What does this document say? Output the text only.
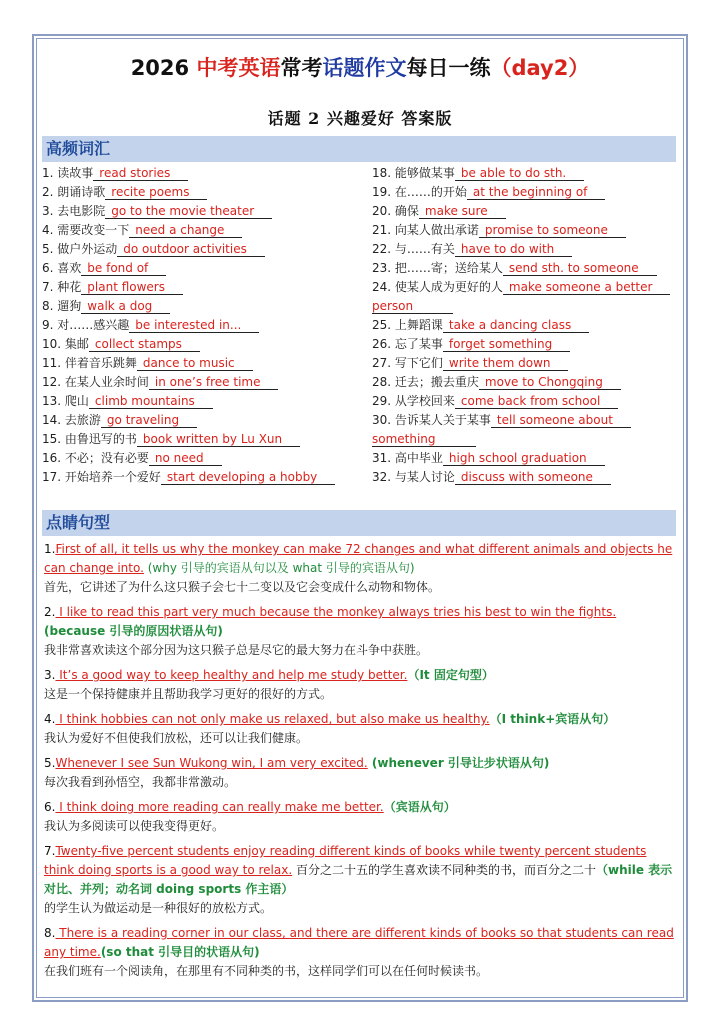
2026 中考英语常考话题作文每日一练（day2）
话题 2 兴趣爱好 答案版
高频词汇
1. 读故事 read stories
2. 朗诵诗歌 recite poems
3. 去电影院 go to the movie theater
4. 需要改变一下 need a change
5. 做户外运动 do outdoor activities
6. 喜欢 be fond of
7. 种花 plant flowers
8. 遛狗 walk a dog
9. 对……感兴趣 be interested in...
10. 集邮 collect stamps
11. 伴着音乐跳舞 dance to music
12. 在某人业余时间 in one’s free time
13. 爬山 climb mountains
14. 去旅游 go traveling
15. 由鲁迅写的书 book written by Lu Xun
16. 不必；没有必要 no need
17. 开始培养一个爱好 start developing a hobby
18. 能够做某事 be able to do sth.
19. 在……的开始 at the beginning of
20. 确保 make sure
21. 向某人做出承诺 promise to someone
22. 与……有关 have to do with
23. 把……寄；送给某人 send sth. to someone
24. 使某人成为更好的人 make someone a better
person
25. 上舞蹈课 take a dancing class
26. 忘了某事 forget something
27. 写下它们 write them down
28. 迁去；搬去重庆 move to Chongqing
29. 从学校回来 come back from school
30. 告诉某人关于某事 tell someone about
something
31. 高中毕业 high school graduation
32. 与某人讨论 discuss with someone
点睛句型
1.First of all, it tells us why the monkey can make 72 changes and what different animals and objects he can change into. (why 引导的宾语从句以及 what 引导的宾语从句)
首先，它讲述了为什么这只猴子会七十二变以及它会变成什么动物和物体。
2. I like to read this part very much because the monkey always tries his best to win the fights.(because 引导的原因状语从句)
我非常喜欢读这个部分因为这只猴子总是尽它的最大努力在斗争中获胜。
3. It’s a good way to keep healthy and help me study better.（It 固定句型）
这是一个保持健康并且帮助我学习更好的很好的方式。
4. I think hobbies can not only make us relaxed, but also make us healthy.（I think+宾语从句）
我认为爱好不但使我们放松，还可以让我们健康。
5.Whenever I see Sun Wukong win, I am very excited. (whenever 引导让步状语从句)
每次我看到孙悟空，我都非常激动。
6. I think doing more reading can really make me better.（宾语从句）
我认为多阅读可以使我变得更好。
7.Twenty-five percent students enjoy reading different kinds of books while twenty percent students think doing sports is a good way to relax. 百分之二十五的学生喜欢读不同种类的书，而百分之二十（while 表示对比、并列；动名词 doing sports 作主语）
的学生认为做运动是一种很好的放松方式。
8. There is a reading corner in our class, and there are different kinds of books so that students can read any time.(so that 引导目的状语从句)
在我们班有一个阅读角，在那里有不同种类的书，这样同学们可以在任何时候读书。
